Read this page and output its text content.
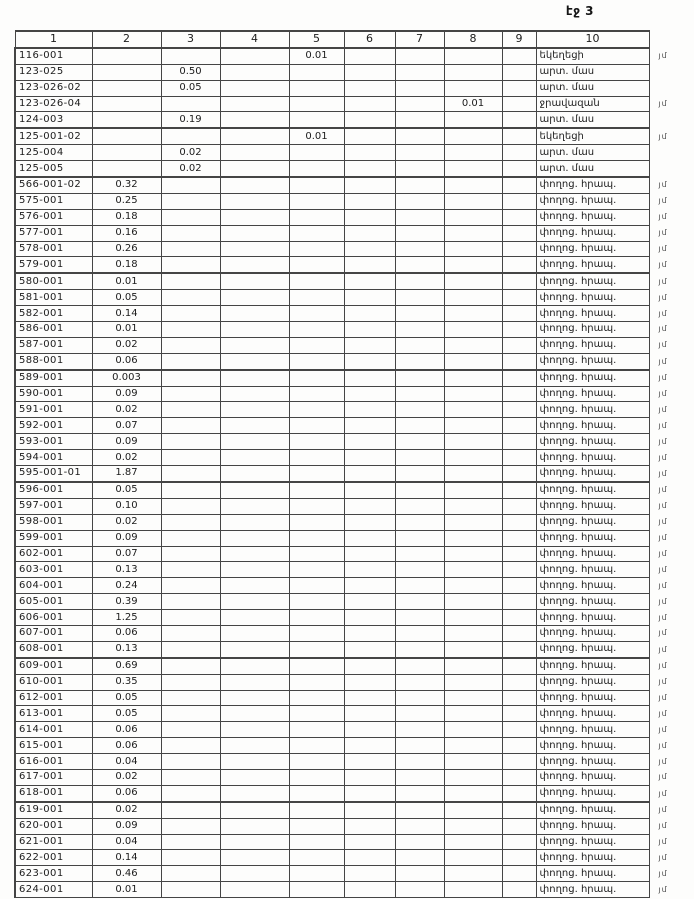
էջ 3
1	2	3	4	5	6	7	8	9	10	
116-001				0.01					եկեղեցի	յմ
123-025		0.50							արտ. մաս	
123-026-02		0.05							արտ. մաս	
123-026-04							0.01		ջրավազան	յմ
124-003		0.19							արտ. մաս	
125-001-02				0.01					եկեղեցի	յմ
125-004		0.02							արտ. մաս	
125-005		0.02							արտ. մաս	
566-001-02	0.32								փողոց. հրապ.	յմ
575-001	0.25								փողոց. հրապ.	յմ
576-001	0.18								փողոց. հրապ.	յմ
577-001	0.16								փողոց. հրապ.	յմ
578-001	0.26								փողոց. հրապ.	յմ
579-001	0.18								փողոց. հրապ.	յմ
580-001	0.01								փողոց. հրապ.	յմ
581-001	0.05								փողոց. հրապ.	յմ
582-001	0.14								փողոց. հրապ.	յմ
586-001	0.01								փողոց. հրապ.	յմ
587-001	0.02								փողոց. հրապ.	յմ
588-001	0.06								փողոց. հրապ.	յմ
589-001	0.003								փողոց. հրապ.	յմ
590-001	0.09								փողոց. հրապ.	յմ
591-001	0.02								փողոց. հրապ.	յմ
592-001	0.07								փողոց. հրապ.	յմ
593-001	0.09								փողոց. հրապ.	յմ
594-001	0.02								փողոց. հրապ.	յմ
595-001-01	1.87								փողոց. հրապ.	յմ
596-001	0.05								փողոց. հրապ.	յմ
597-001	0.10								փողոց. հրապ.	յմ
598-001	0.02								փողոց. հրապ.	յմ
599-001	0.09								փողոց. հրապ.	յմ
602-001	0.07								փողոց. հրապ.	յմ
603-001	0.13								փողոց. հրապ.	յմ
604-001	0.24								փողոց. հրապ.	յմ
605-001	0.39								փողոց. հրապ.	յմ
606-001	1.25								փողոց. հրապ.	յմ
607-001	0.06								փողոց. հրապ.	յմ
608-001	0.13								փողոց. հրապ.	յմ
609-001	0.69								փողոց. հրապ.	յմ
610-001	0.35								փողոց. հրապ.	յմ
612-001	0.05								փողոց. հրապ.	յմ
613-001	0.05								փողոց. հրապ.	յմ
614-001	0.06								փողոց. հրապ.	յմ
615-001	0.06								փողոց. հրապ.	յմ
616-001	0.04								փողոց. հրապ.	յմ
617-001	0.02								փողոց. հրապ.	յմ
618-001	0.06								փողոց. հրապ.	յմ
619-001	0.02								փողոց. հրապ.	յմ
620-001	0.09								փողոց. հրապ.	յմ
621-001	0.04								փողոց. հրապ.	յմ
622-001	0.14								փողոց. հրապ.	յմ
623-001	0.46								փողոց. հրապ.	յմ
624-001	0.01								փողոց. հրապ.	յմ
